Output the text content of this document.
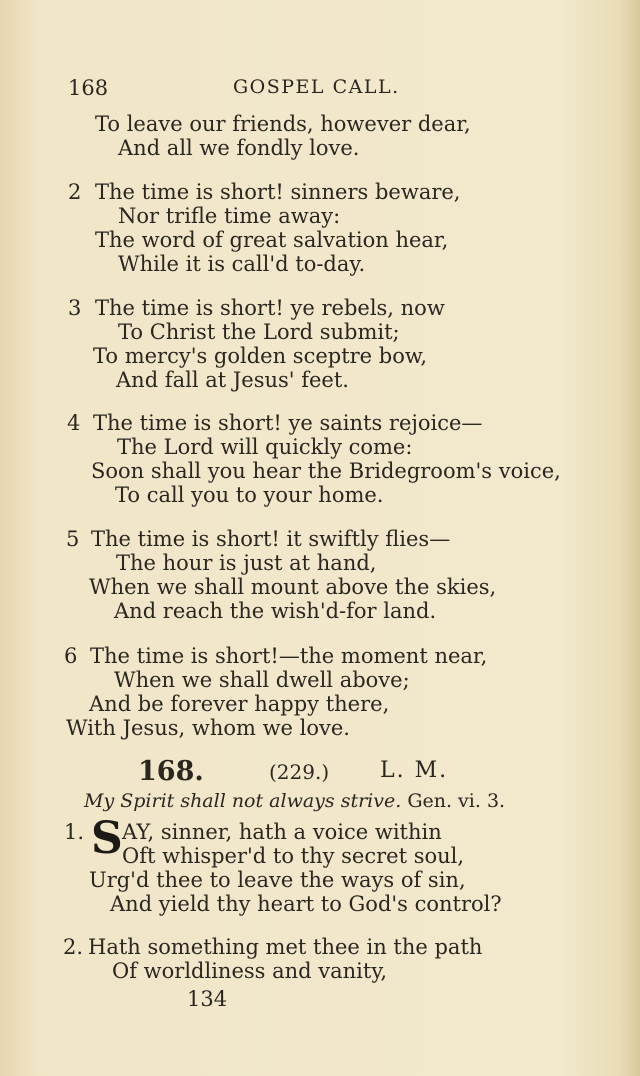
168	GOSPEL CALL.
To leave our friends, however dear,
And all we fondly love.
2 The time is short! sinners beware,
Nor trifle time away:
The word of great salvation hear,
While it is call'd to-day.
3 The time is short! ye rebels, now
To Christ the Lord submit;
To mercy's golden sceptre bow,
And fall at Jesus' feet.
4 The time is short! ye saints rejoice—
The Lord will quickly come:
Soon shall you hear the Bridegroom's voice,
To call you to your home.
5 The time is short! it swiftly flies—
The hour is just at hand,
When we shall mount above the skies,
And reach the wish'd-for land.
6 The time is short!—the moment near,
When we shall dwell above;
And be forever happy there,
With Jesus, whom we love.
168.	(229.) L. M.
My Spirit shall not always strive. Gen. vi. 3.
1. S AY, sinner, hath a voice within
Oft whisper'd to thy secret soul,
Urg'd thee to leave the ways of sin,
And yield thy heart to God's control?
2. Hath something met thee in the path
Of worldliness and vanity,
134
